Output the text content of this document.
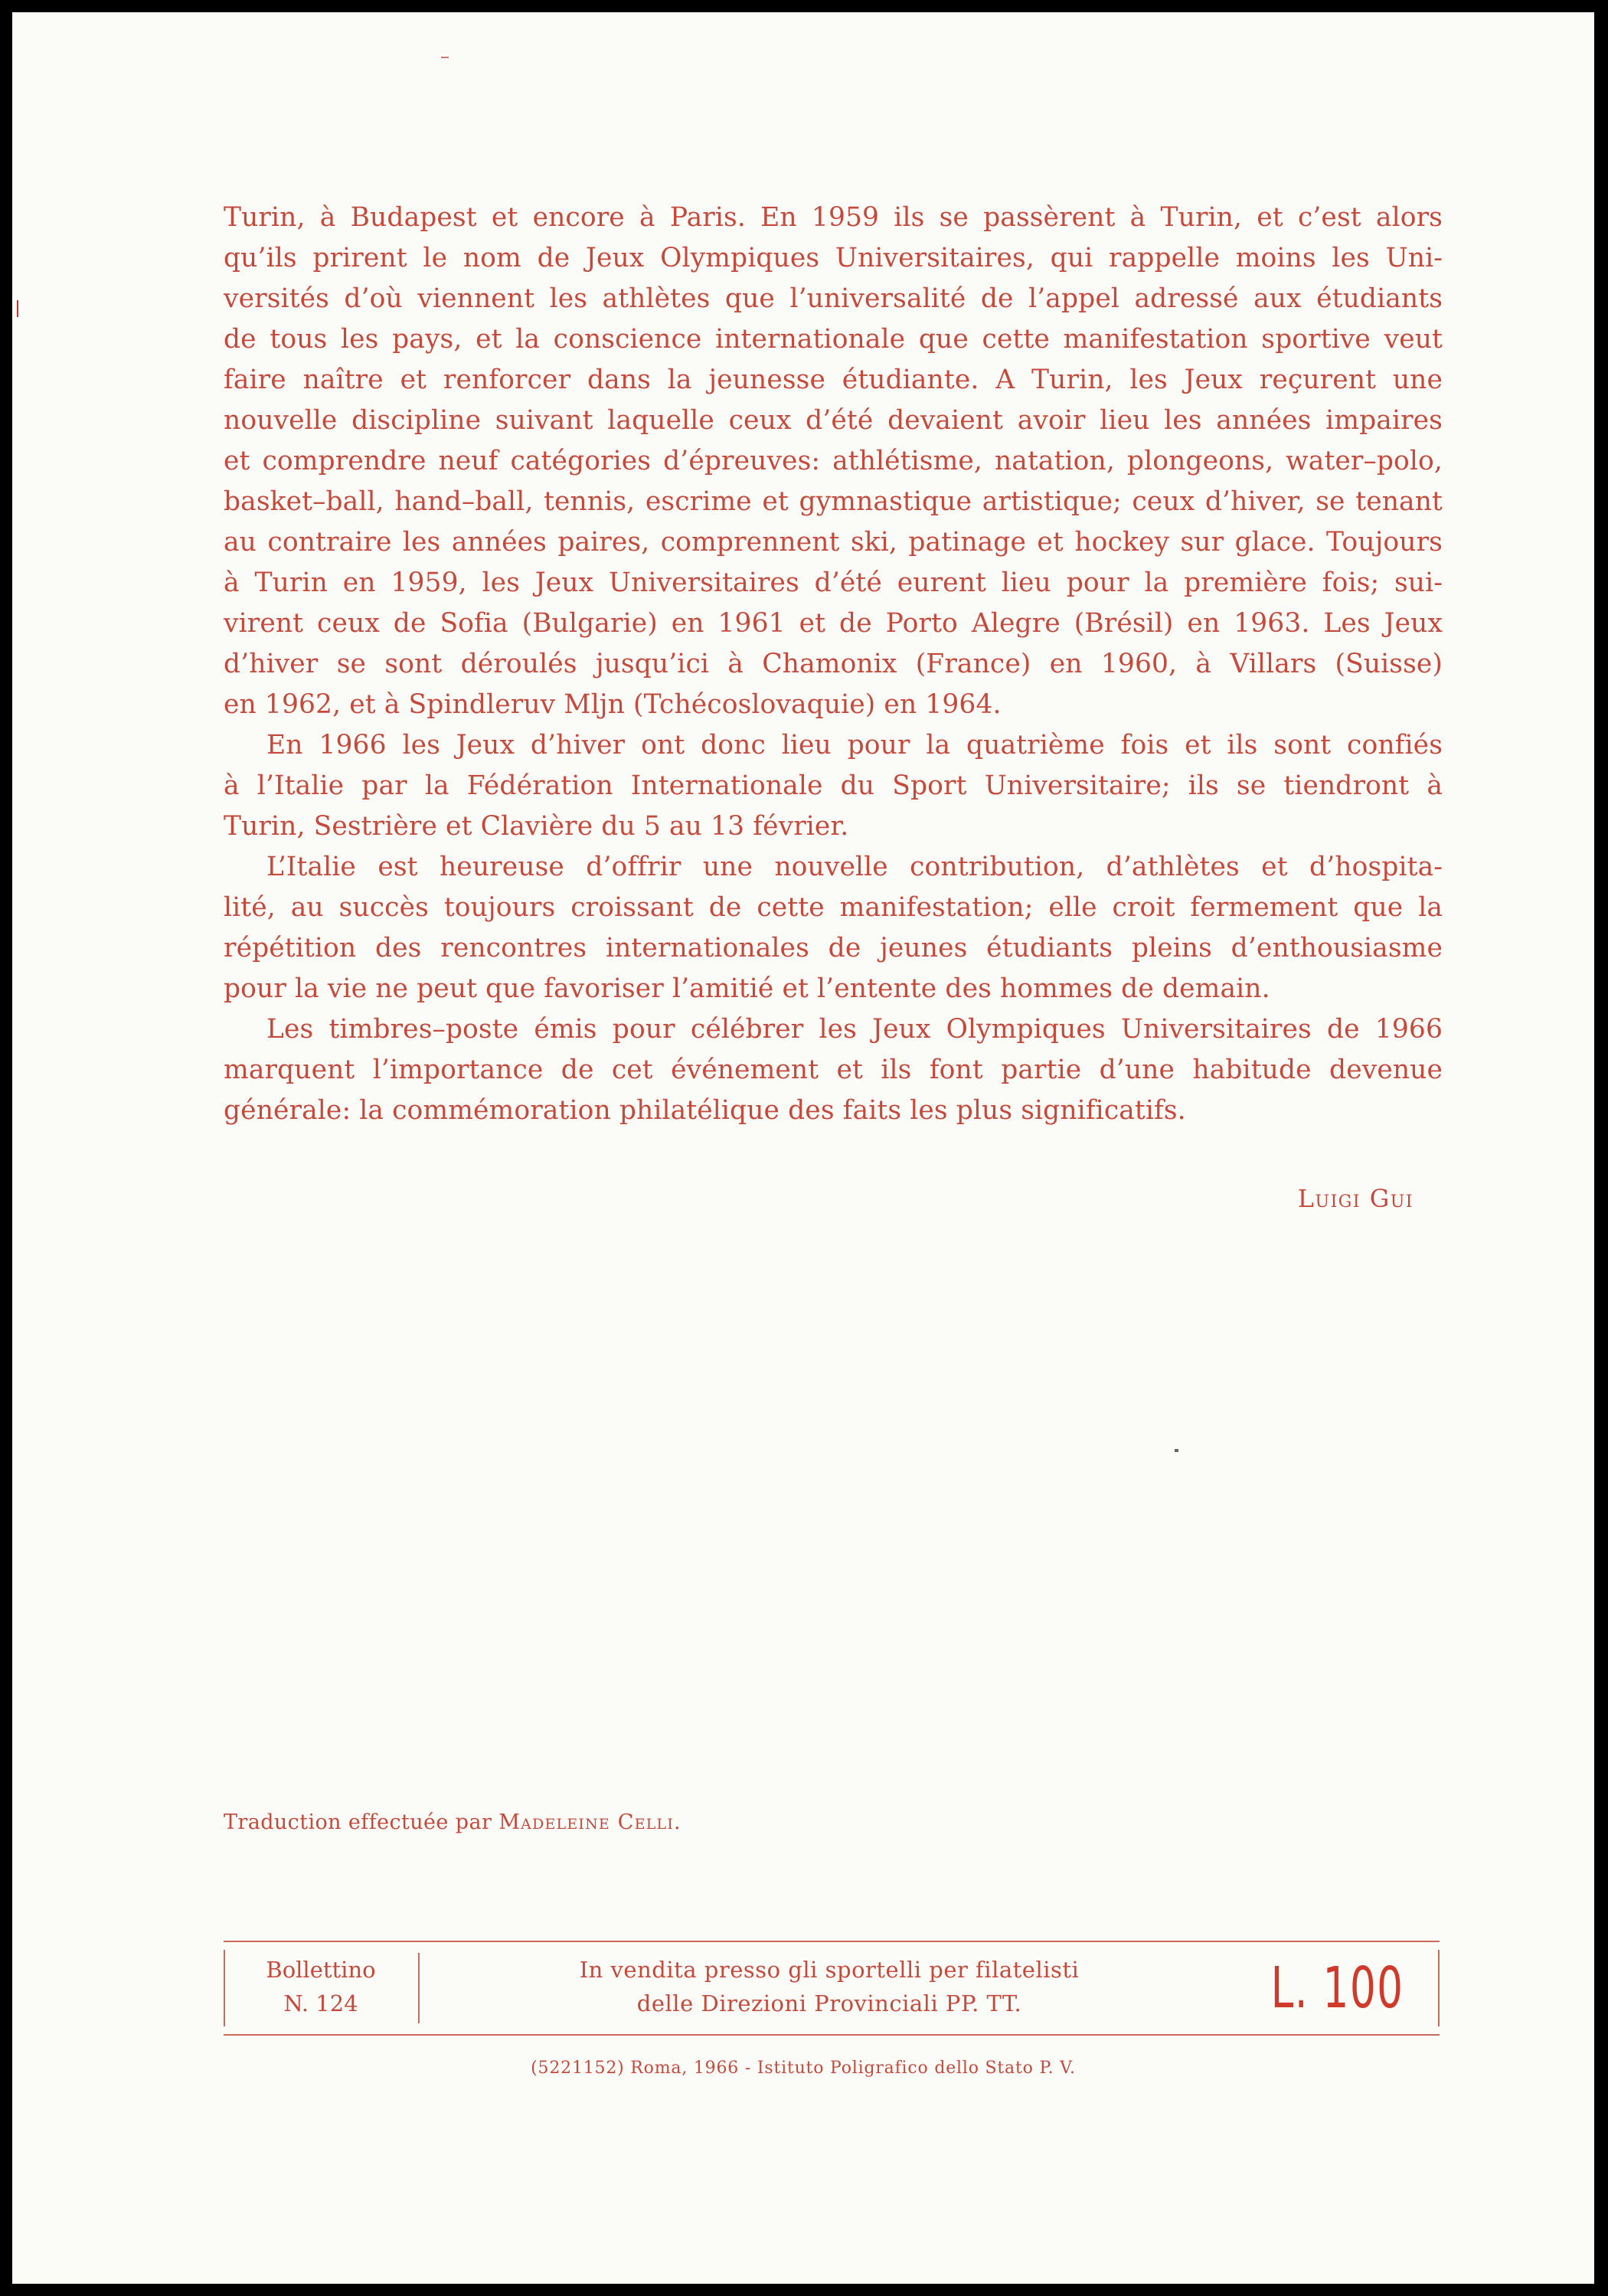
Turin, à Budapest et encore à Paris. En 1959 ils se passèrent à Turin, et c’est alors

qu’ils prirent le nom de Jeux Olympiques Universitaires, qui rappelle moins les Uni-

versités d’où viennent les athlètes que l’universalité de l’appel adressé aux étudiants

de tous les pays, et la conscience internationale que cette manifestation sportive veut

faire naître et renforcer dans la jeunesse étudiante. A Turin, les Jeux reçurent une

nouvelle discipline suivant laquelle ceux d’été devaient avoir lieu les années impaires

et comprendre neuf catégories d’épreuves: athlétisme, natation, plongeons, water–polo,

basket–ball, hand–ball, tennis, escrime et gymnastique artistique; ceux d’hiver, se tenant

au contraire les années paires, comprennent ski, patinage et hockey sur glace. Toujours

à Turin en 1959, les Jeux Universitaires d’été eurent lieu pour la première fois; sui-

virent ceux de Sofia (Bulgarie) en 1961 et de Porto Alegre (Brésil) en 1963. Les Jeux

d’hiver se sont déroulés jusqu’ici à Chamonix (France) en 1960, à Villars (Suisse)

en 1962, et à Spindleruv Mljn (Tchécoslovaquie) en 1964.

En 1966 les Jeux d’hiver ont donc lieu pour la quatrième fois et ils sont confiés

à l’Italie par la Fédération Internationale du Sport Universitaire; ils se tiendront à

Turin, Sestrière et Clavière du 5 au 13 février.

L’Italie est heureuse d’offrir une nouvelle contribution, d’athlètes et d’hospita-

lité, au succès toujours croissant de cette manifestation; elle croit fermement que la

répétition des rencontres internationales de jeunes étudiants pleins d’enthousiasme

pour la vie ne peut que favoriser l’amitié et l’entente des hommes de demain.

Les timbres–poste émis pour célébrer les Jeux Olympiques Universitaires de 1966

marquent l’importance de cet événement et ils font partie d’une habitude devenue

générale: la commémoration philatélique des faits les plus significatifs.

Luigi Gui
Traduction effectuée par Madeleine Celli.
Bollettino
N. 124
In vendita presso gli sportelli per filatelisti
delle Direzioni Provinciali PP. TT.	L. 100
(5221152) Roma, 1966 - Istituto Poligrafico dello Stato P. V.
